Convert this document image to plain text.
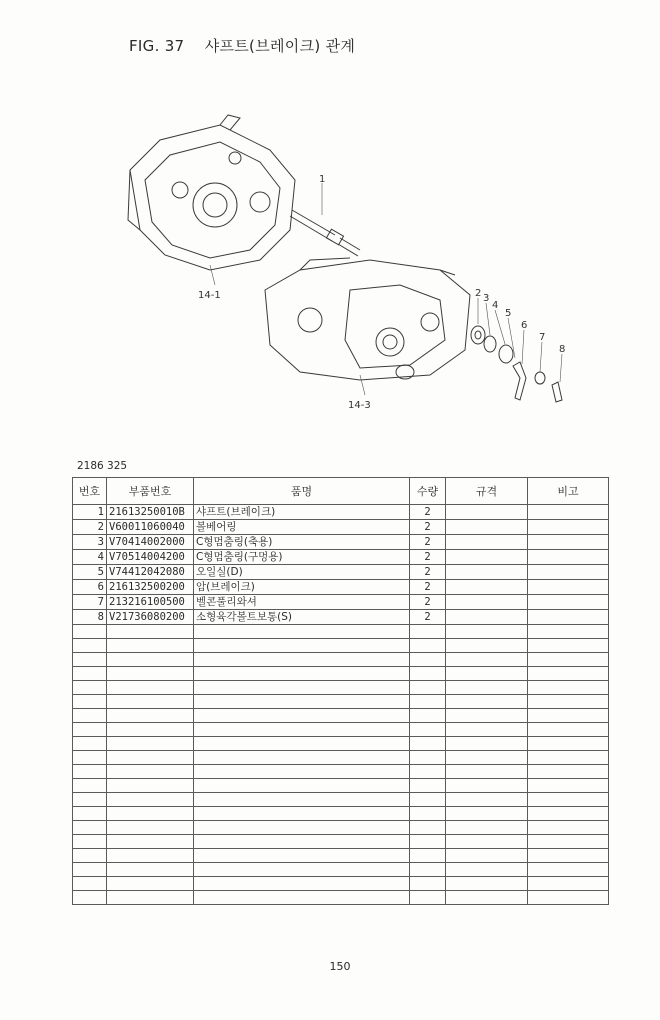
FIG. 37 샤프트(브레이크) 관계
1
2 3
4
5
6
7
8
14-1
14-3
2186 325
번호	부품번호	품명	수량	규격	비고
1	21613250010B	샤프트(브레이크)	2		
2	V60011060040	볼베어링	2		
3	V70414002000	C형멈춤링(축용)	2		
4	V70514004200	C형멈춤링(구멍용)	2		
5	V74412042080	오일실(D)	2		
6	216132500200	암(브레이크)	2		
7	213216100500	벨콘풀리와셔	2		
8	V21736080200	소형육각볼트보통(S)	2		

150
